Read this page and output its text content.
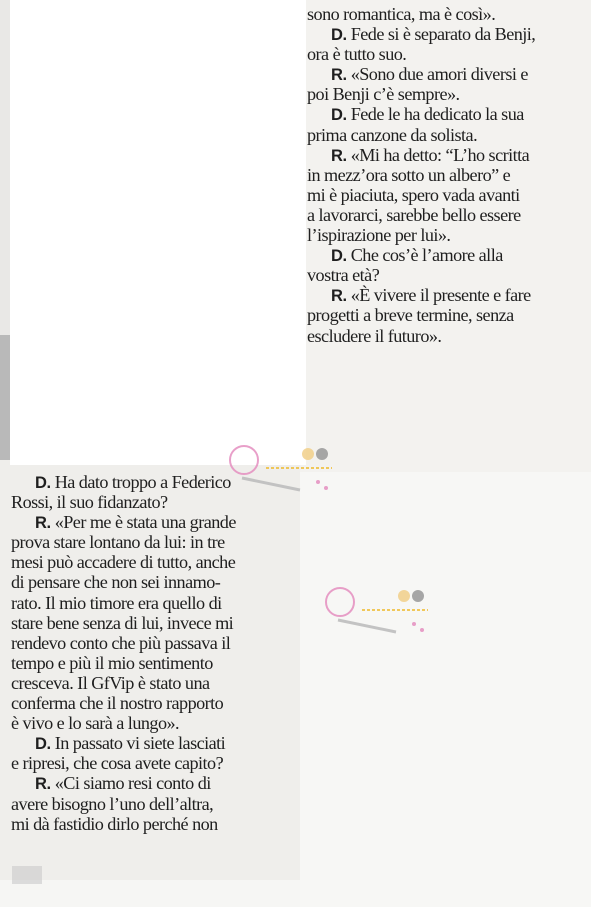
sono romantica, ma è così».
D. Fede si è separato da Benji,
ora è tutto suo.
R. «Sono due amori diversi e
poi Benji c’è sempre».
D. Fede le ha dedicato la sua
prima canzone da solista.
R. «Mi ha detto: “L’ho scritta
in mezz’ora sotto un albero” e
mi è piaciuta, spero vada avanti
a lavorarci, sarebbe bello essere
l’ispirazione per lui».
D. Che cos’è l’amore alla
vostra età?
R. «È vivere il presente e fare
progetti a breve termine, senza
escludere il futuro».
D. Ha dato troppo a Federico
Rossi, il suo fidanzato?
R. «Per me è stata una grande
prova stare lontano da lui: in tre
mesi può accadere di tutto, anche
di pensare che non sei innamo-
rato. Il mio timore era quello di
stare bene senza di lui, invece mi
rendevo conto che più passava il
tempo e più il mio sentimento
cresceva. Il GfVip è stato una
conferma che il nostro rapporto
è vivo e lo sarà a lungo».
D. In passato vi siete lasciati
e ripresi, che cosa avete capito?
R. «Ci siamo resi conto di
avere bisogno l’uno dell’altra,
mi dà fastidio dirlo perché non
